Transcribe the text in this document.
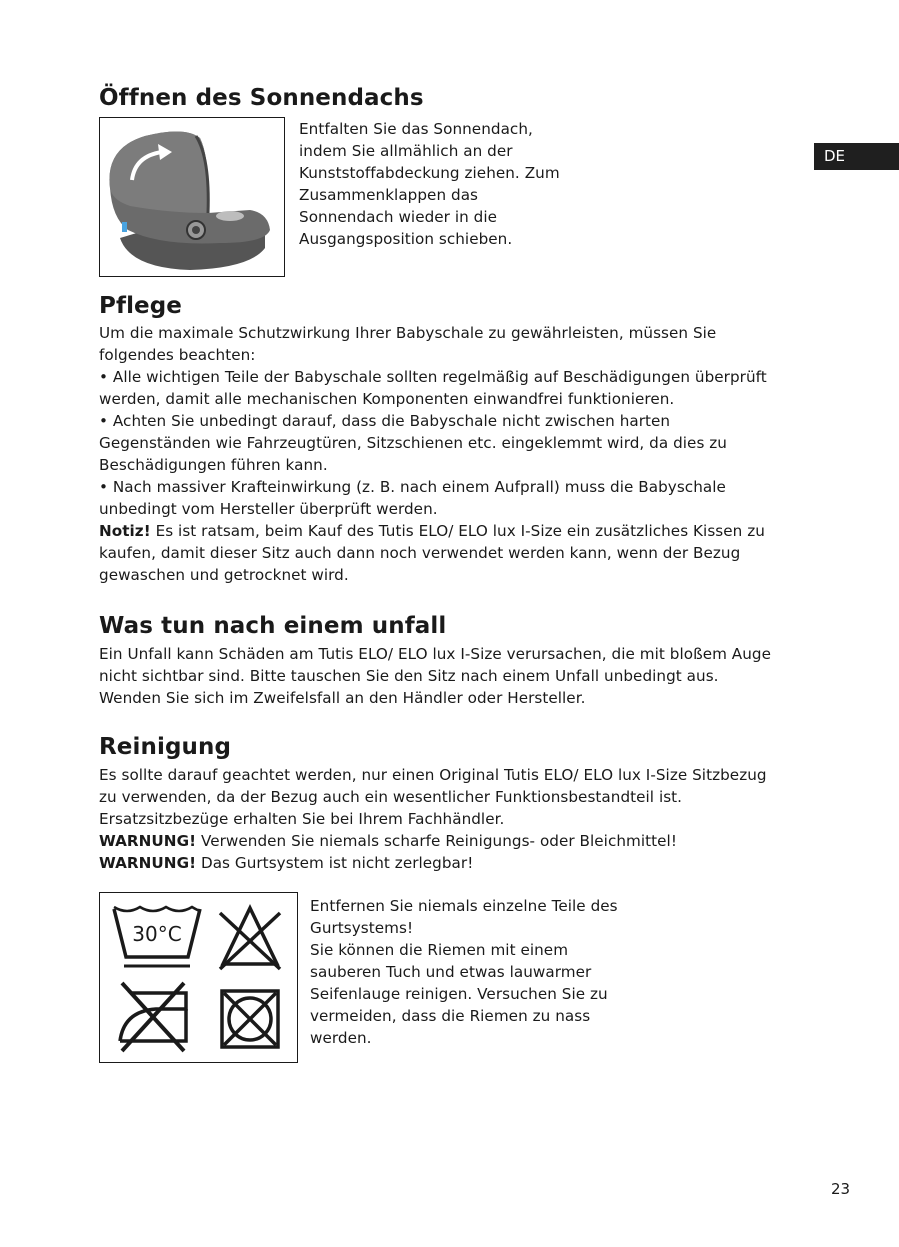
DE
Öffnen des Sonnendachs

Entfalten Sie das Sonnendach,

indem Sie allmählich an der

Kunststoffabdeckung ziehen. Zum

Zusammenklappen das

Sonnendach wieder in die

Ausgangsposition schieben.

Pflege

Um die maximale Schutzwirkung Ihrer Babyschale zu gewährleisten, müssen Sie

folgendes beachten:

• Alle wichtigen Teile der Babyschale sollten regelmäßig auf Beschädigungen überprüft

werden, damit alle mechanischen Komponenten einwandfrei funktionieren.

• Achten Sie unbedingt darauf, dass die Babyschale nicht zwischen harten

Gegenständen wie Fahrzeugtüren, Sitzschienen etc. eingeklemmt wird, da dies zu

Beschädigungen führen kann.

• Nach massiver Krafteinwirkung (z. B. nach einem Aufprall) muss die Babyschale

unbedingt vom Hersteller überprüft werden.

Notiz! Es ist ratsam, beim Kauf des Tutis ELO/ ELO lux I-Size ein zusätzliches Kissen zu

kaufen, damit dieser Sitz auch dann noch verwendet werden kann, wenn der Bezug

gewaschen und getrocknet wird.

Was tun nach einem unfall

Ein Unfall kann Schäden am Tutis ELO/ ELO lux I-Size verursachen, die mit bloßem Auge

nicht sichtbar sind. Bitte tauschen Sie den Sitz nach einem Unfall unbedingt aus.

Wenden Sie sich im Zweifelsfall an den Händler oder Hersteller.

Reinigung

Es sollte darauf geachtet werden, nur einen Original Tutis ELO/ ELO lux I-Size Sitzbezug

zu verwenden, da der Bezug auch ein wesentlicher Funktionsbestandteil ist.

Ersatzsitzbezüge erhalten Sie bei Ihrem Fachhändler.

WARNUNG! Verwenden Sie niemals scharfe Reinigungs- oder Bleichmittel!

WARNUNG! Das Gurtsystem ist nicht zerlegbar!

30°C

Entfernen Sie niemals einzelne Teile des

Gurtsystems!

Sie können die Riemen mit einem

sauberen Tuch und etwas lauwarmer

Seifenlauge reinigen. Versuchen Sie zu

vermeiden, dass die Riemen zu nass

werden.

23
